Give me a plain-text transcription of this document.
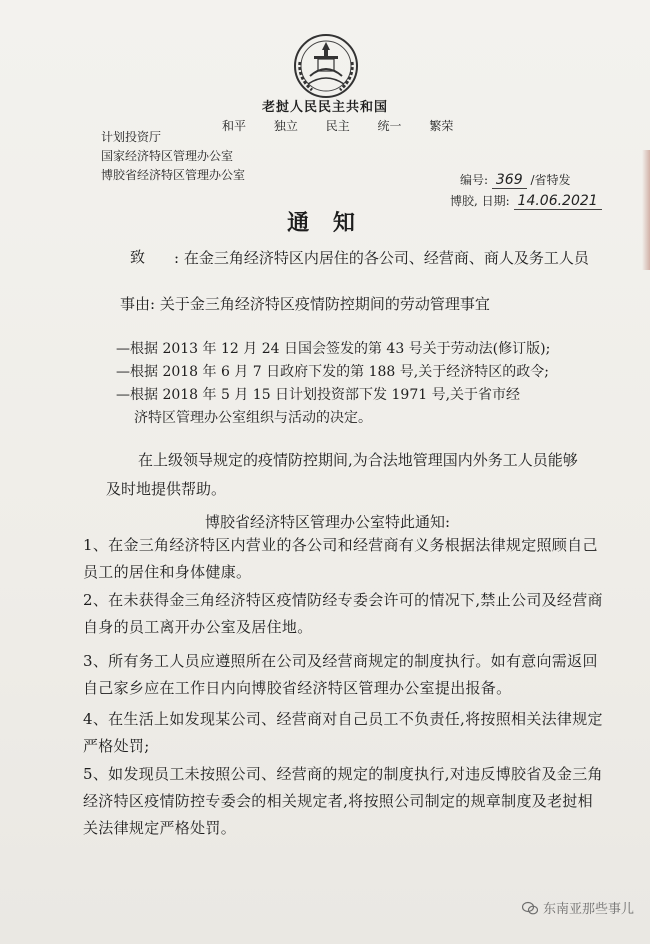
老挝人民民主共和国
和平 独立 民主 统一 繁荣
计划投资厅
国家经济特区管理办公室
博胶省经济特区管理办公室	编号: 369 /省特发
博胶, 日期: 14.06.2021
通 知
致 : 在金三角经济特区内居住的各公司、经营商、商人及务工人员
事由: 关于金三角经济特区疫情防控期间的劳动管理事宜
—根据 2013 年 12 月 24 日国会签发的第 43 号关于劳动法(修订版);
—根据 2018 年 6 月 7 日政府下发的第 188 号,关于经济特区的政令;
—根据 2018 年 5 月 15 日计划投资部下发 1971 号,关于省市经
济特区管理办公室组织与活动的决定。
在上级领导规定的疫情防控期间,为合法地管理国内外务工人员能够及时地提供帮助。
博胶省经济特区管理办公室特此通知:
1、在金三角经济特区内营业的各公司和经营商有义务根据法律规定照顾自己员工的居住和身体健康。
2、在未获得金三角经济特区疫情防经专委会许可的情况下,禁止公司及经营商自身的员工离开办公室及居住地。
3、所有务工人员应遵照所在公司及经营商规定的制度执行。如有意向需返回自己家乡应在工作日内向博胶省经济特区管理办公室提出报备。
4、在生活上如发现某公司、经营商对自己员工不负责任,将按照相关法律规定严格处罚;
5、如发现员工未按照公司、经营商的规定的制度执行,对违反博胶省及金三角经济特区疫情防控专委会的相关规定者,将按照公司制定的规章制度及老挝相关法律规定严格处罚。
东南亚那些事儿
